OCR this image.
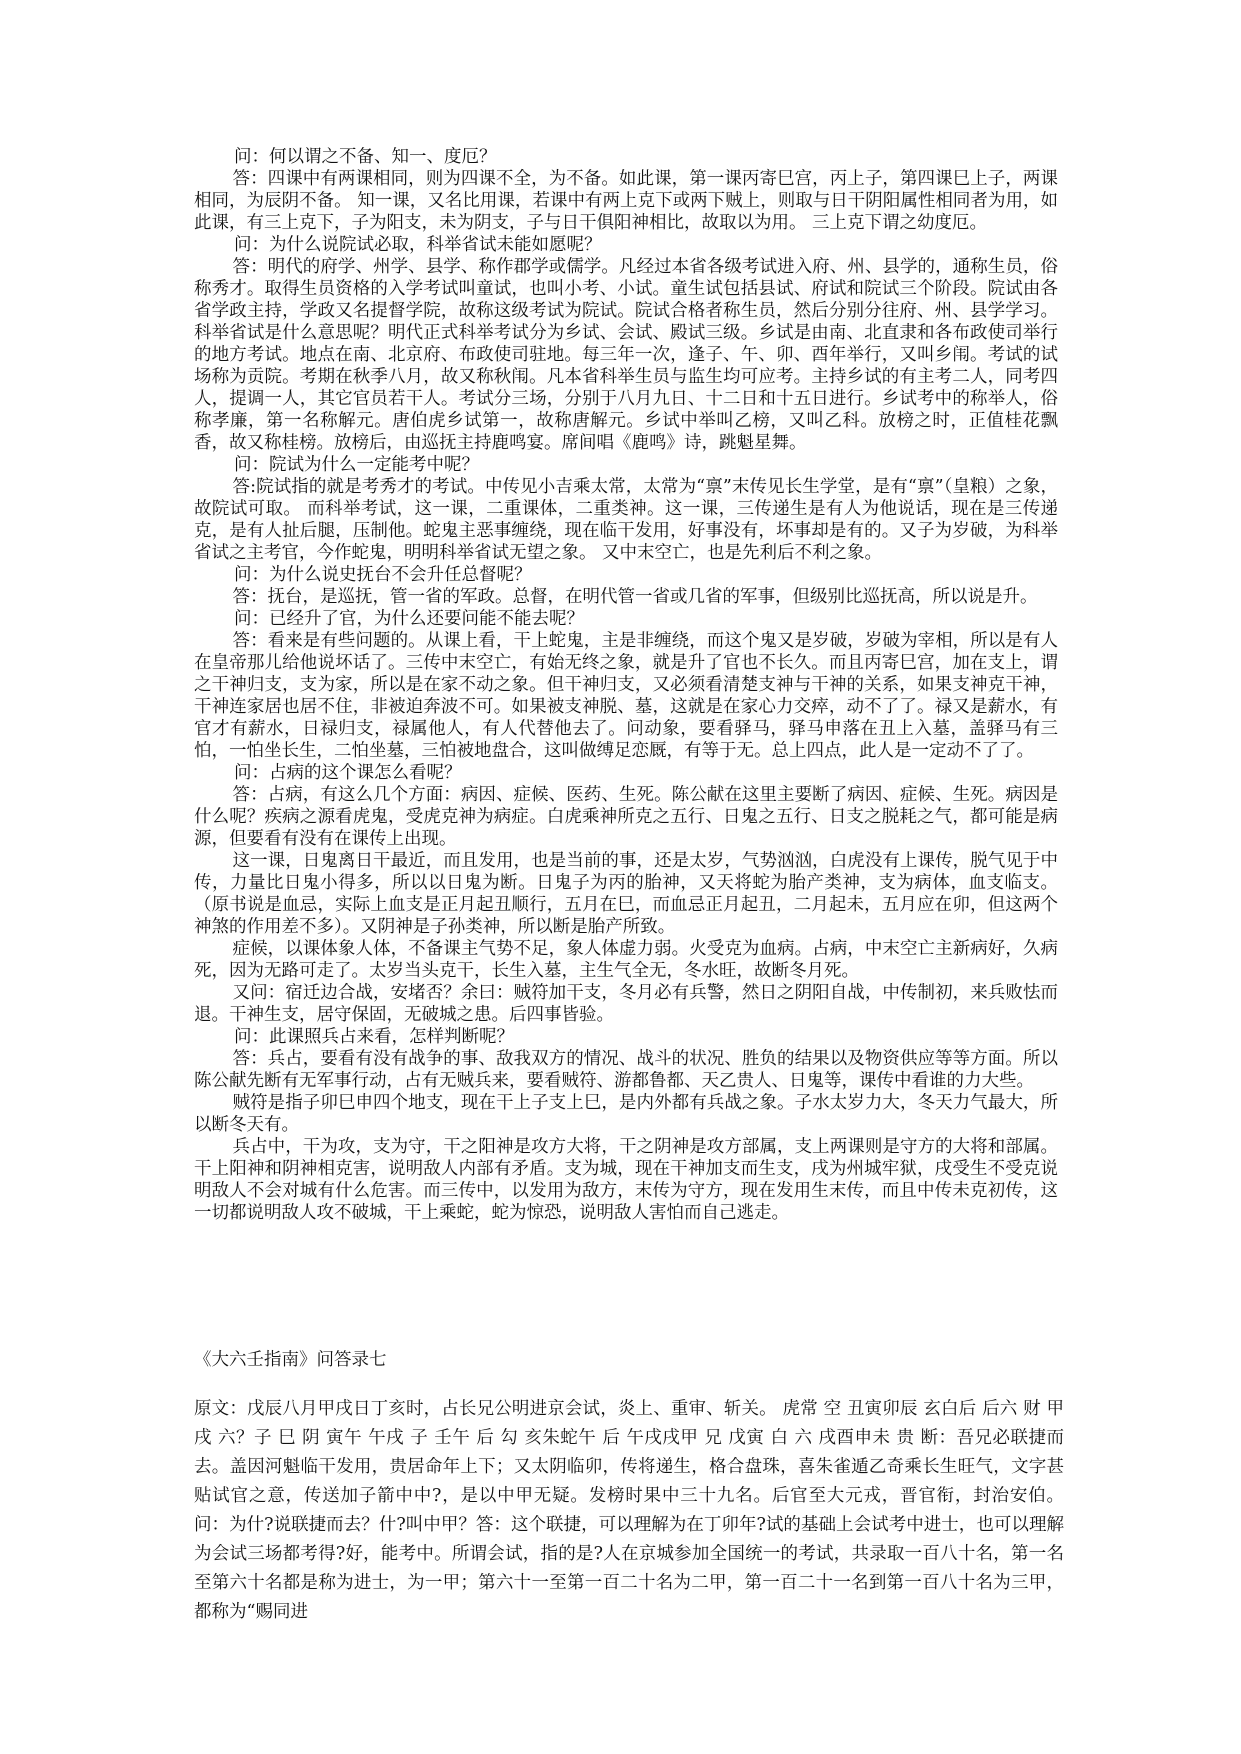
问：何以谓之不备、知一、度厄？

答：四课中有两课相同，则为四课不全，为不备。如此课，第一课丙寄巳宫，丙上子，第四课巳上子，两课相同，为辰阴不备。 知一课，又名比用课，若课中有两上克下或两下贼上，则取与日干阴阳属性相同者为用，如此课，有三上克下，子为阳支，未为阴支，子与日干俱阳神相比，故取以为用。 三上克下谓之幼度厄。

问：为什么说院试必取，科举省试未能如愿呢？

答：明代的府学、州学、县学、称作郡学或儒学。凡经过本省各级考试进入府、州、县学的，通称生员，俗称秀才。取得生员资格的入学考试叫童试，也叫小考、小试。童生试包括县试、府试和院试三个阶段。院试由各省学政主持，学政又名提督学院，故称这级考试为院试。院试合格者称生员，然后分别分往府、州、县学学习。 科举省试是什么意思呢？明代正式科举考试分为乡试、会试、殿试三级。乡试是由南、北直隶和各布政使司举行的地方考试。地点在南、北京府、布政使司驻地。每三年一次，逢子、午、卯、酉年举行，又叫乡闱。考试的试场称为贡院。考期在秋季八月，故又称秋闱。凡本省科举生员与监生均可应考。主持乡试的有主考二人，同考四人，提调一人，其它官员若干人。考试分三场，分别于八月九日、十二日和十五日进行。乡试考中的称举人，俗称孝廉，第一名称解元。唐伯虎乡试第一，故称唐解元。乡试中举叫乙榜，又叫乙科。放榜之时，正值桂花飘香，故又称桂榜。放榜后，由巡抚主持鹿鸣宴。席间唱《鹿鸣》诗，跳魁星舞。

问：院试为什么一定能考中呢？

答:院试指的就是考秀才的考试。中传见小吉乘太常，太常为“禀”末传见长生学堂，是有“禀”（皇粮）之象，故院试可取。 而科举考试，这一课，二重课体，二重类神。这一课，三传递生是有人为他说话，现在是三传递克，是有人扯后腿，压制他。蛇鬼主恶事缠绕，现在临干发用，好事没有，坏事却是有的。又子为岁破，为科举省试之主考官，今作蛇鬼，明明科举省试无望之象。 又中末空亡，也是先利后不利之象。

问：为什么说史抚台不会升任总督呢？

答：抚台，是巡抚，管一省的军政。总督，在明代管一省或几省的军事，但级别比巡抚高，所以说是升。

问：已经升了官，为什么还要问能不能去呢？

答：看来是有些问题的。从课上看，干上蛇鬼，主是非缠绕，而这个鬼又是岁破，岁破为宰相，所以是有人在皇帝那儿给他说坏话了。三传中末空亡，有始无终之象，就是升了官也不长久。而且丙寄巳宫，加在支上，谓之干神归支，支为家，所以是在家不动之象。但干神归支，又必须看清楚支神与干神的关系，如果支神克干神，干神连家居也居不住，非被迫奔波不可。如果被支神脱、墓，这就是在家心力交瘁，动不了了。禄又是薪水，有官才有薪水，日禄归支，禄属他人，有人代替他去了。问动象，要看驿马，驿马申落在丑上入墓，盖驿马有三怕，一怕坐长生，二怕坐墓，三怕被地盘合，这叫做缚足恋厩，有等于无。总上四点，此人是一定动不了了。

问：占病的这个课怎么看呢？

答：占病，有这么几个方面：病因、症候、医药、生死。陈公献在这里主要断了病因、症候、生死。病因是什么呢？疾病之源看虎鬼，受虎克神为病症。白虎乘神所克之五行、日鬼之五行、日支之脱耗之气，都可能是病源，但要看有没有在课传上出现。

这一课，日鬼离日干最近，而且发用，也是当前的事，还是太岁，气势汹汹，白虎没有上课传，脱气见于中传，力量比日鬼小得多，所以以日鬼为断。日鬼子为丙的胎神，又天将蛇为胎产类神，支为病体，血支临支。（原书说是血忌，实际上血支是正月起丑顺行，五月在巳，而血忌正月起丑，二月起未，五月应在卯，但这两个神煞的作用差不多）。又阴神是子孙类神，所以断是胎产所致。

症候，以课体象人体，不备课主气势不足，象人体虚力弱。火受克为血病。占病，中末空亡主新病好，久病死，因为无路可走了。太岁当头克干，长生入墓，主生气全无，冬水旺，故断冬月死。

又问：宿迁边合战，安堵否？余曰：贼符加干支，冬月必有兵警，然日之阴阳自战，中传制初，来兵败怯而退。干神生支，居守保固，无破城之患。后四事皆验。

问：此课照兵占来看，怎样判断呢？

答：兵占，要看有没有战争的事、敌我双方的情况、战斗的状况、胜负的结果以及物资供应等等方面。所以陈公献先断有无军事行动，占有无贼兵来，要看贼符、游都鲁都、天乙贵人、日鬼等，课传中看谁的力大些。

贼符是指子卯巳申四个地支，现在干上子支上巳，是内外都有兵战之象。子水太岁力大，冬天力气最大，所以断冬天有。

兵占中，干为攻，支为守，干之阳神是攻方大将，干之阴神是攻方部属，支上两课则是守方的大将和部属。干上阳神和阴神相克害，说明敌人内部有矛盾。支为城，现在干神加支而生支，戌为州城牢狱，戌受生不受克说明敌人不会对城有什么危害。而三传中，以发用为敌方，末传为守方，现在发用生末传，而且中传未克初传，这一切都说明敌人攻不破城，干上乘蛇，蛇为惊恐，说明敌人害怕而自己逃走。

《大六壬指南》问答录七
原文：戊辰八月甲戌日丁亥时，占长兄公明进京会试，炎上、重审、斩关。 虎常 空 丑寅卯辰 玄白后 后六 财 甲戌 六？子 巳 阴 寅午 午戌 子 壬午 后 勾 亥朱蛇午 后 午戌戌甲 兄 戊寅 白 六 戌酉申未 贵 断：吾兄必联捷而去。盖因河魁临干发用，贵居命年上下；又太阴临卯，传将递生，格合盘珠，喜朱雀遁乙奇乘长生旺气，文字甚贴试官之意，传送加子箭中中?，是以中甲无疑。发榜时果中三十九名。后官至大元戎，晋官衔，封治安伯。 问：为什?说联捷而去？什?叫中甲？答：这个联捷，可以理解为在丁卯年?试的基础上会试考中进士，也可以理解为会试三场都考得?好，能考中。所谓会试，指的是?人在京城参加全国统一的考试，共录取一百八十名，第一名至第六十名都是称为进士，为一甲；第六十一至第一百二十名为二甲，第一百二十一名到第一百八十名为三甲，都称为“赐同进
